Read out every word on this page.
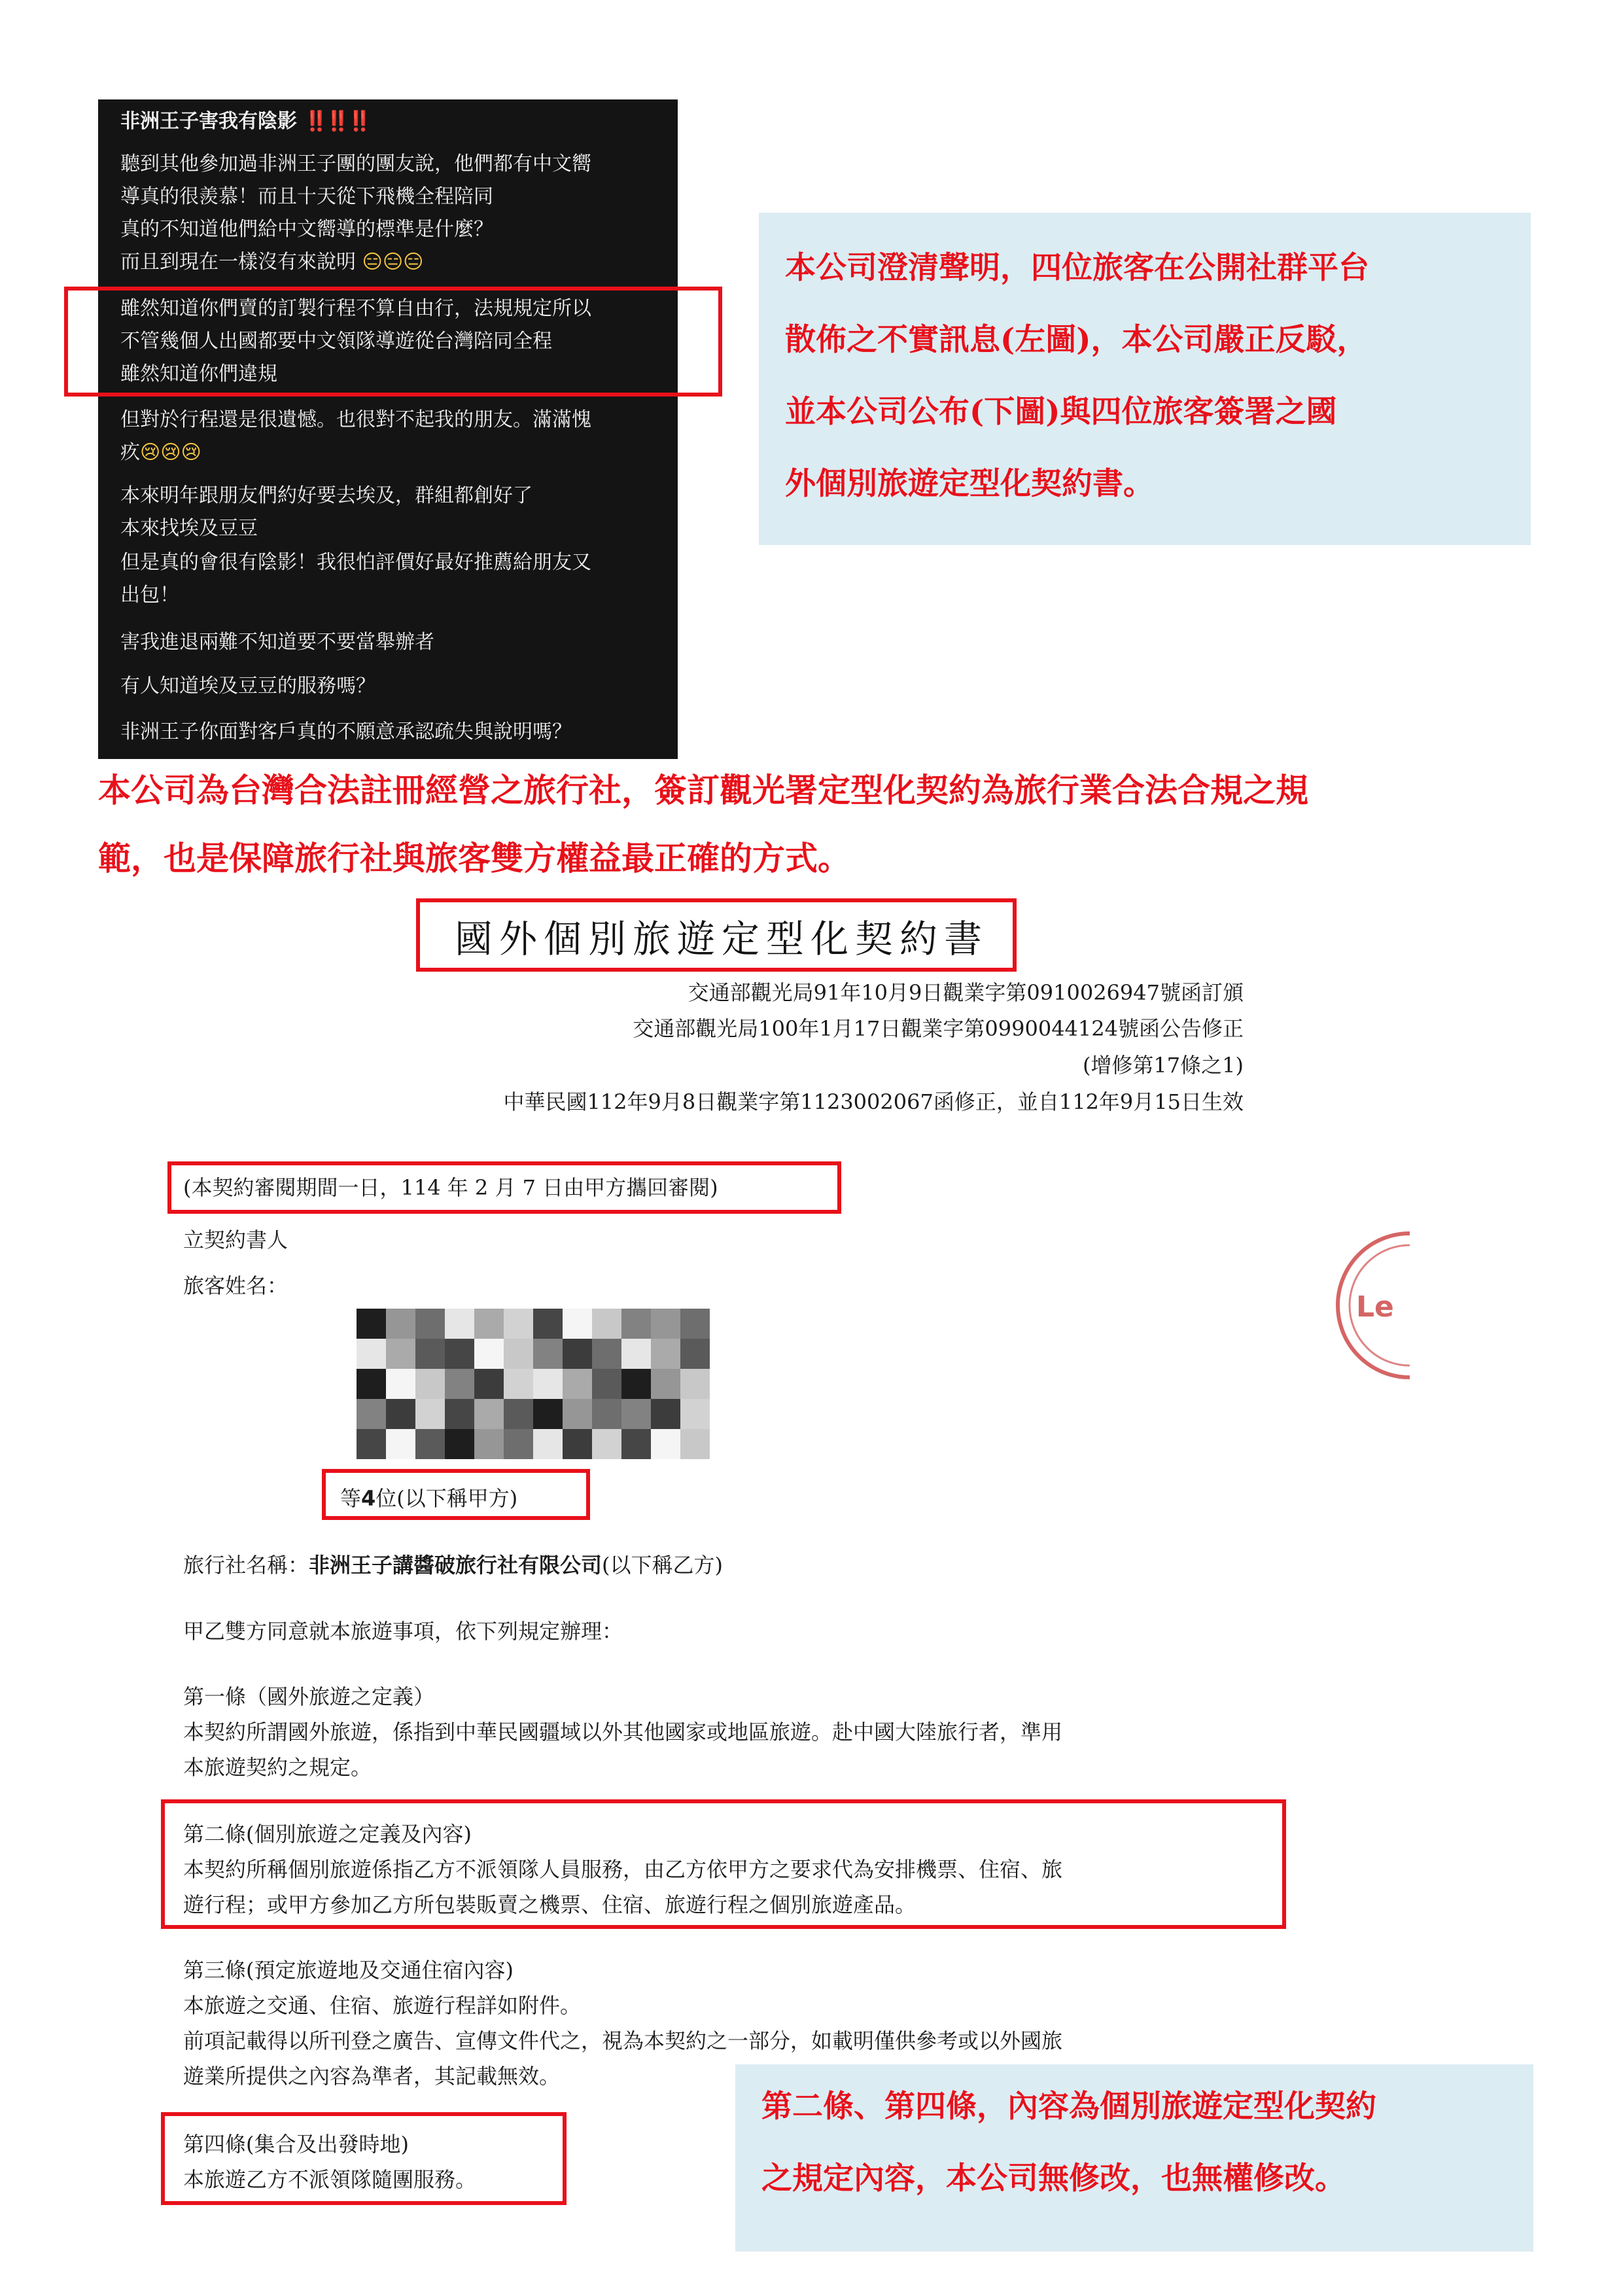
非洲王子害我有陰影 ‼️‼️‼️
聽到其他參加過非洲王子團的團友說，他們都有中文嚮
導真的很羨慕！而且十天從下飛機全程陪同
真的不知道他們給中文嚮導的標準是什麼？
而且到現在一樣沒有來說明 😑😑😑
雖然知道你們賣的訂製行程不算自由行，法規規定所以
不管幾個人出國都要中文領隊導遊從台灣陪同全程
雖然知道你們違規
但對於行程還是很遺憾。也很對不起我的朋友。滿滿愧
疚😢😢😢
本來明年跟朋友們約好要去埃及，群組都創好了
本來找埃及豆豆
但是真的會很有陰影！我很怕評價好最好推薦給朋友又
出包！
害我進退兩難不知道要不要當舉辦者
有人知道埃及豆豆的服務嗎？
非洲王子你面對客戶真的不願意承認疏失與說明嗎？

本公司澄清聲明，四位旅客在公開社群平台

散佈之不實訊息(左圖)，本公司嚴正反駁，

並本公司公布(下圖)與四位旅客簽署之國

外個別旅遊定型化契約書。

本公司為台灣合法註冊經營之旅行社，簽訂觀光署定型化契約為旅行業合法合規之規
範，也是保障旅行社與旅客雙方權益最正確的方式。
國外個別旅遊定型化契約書
交通部觀光局91年10月9日觀業字第0910026947號函訂頒
交通部觀光局100年1月17日觀業字第0990044124號函公告修正
(增修第17條之1)
中華民國112年9月8日觀業字第1123002067函修正，並自112年9月15日生效
(本契約審閱期間一日，114 年 2 月 7 日由甲方攜回審閱)
立契約書人
旅客姓名：
Le
等4位(以下稱甲方)
旅行社名稱：非洲王子講醬破旅行社有限公司(以下稱乙方)
甲乙雙方同意就本旅遊事項，依下列規定辦理：
第一條（國外旅遊之定義）
本契約所謂國外旅遊，係指到中華民國疆域以外其他國家或地區旅遊。赴中國大陸旅行者，準用
本旅遊契約之規定。
第二條(個別旅遊之定義及內容)
本契約所稱個別旅遊係指乙方不派領隊人員服務，由乙方依甲方之要求代為安排機票、住宿、旅
遊行程；或甲方參加乙方所包裝販賣之機票、住宿、旅遊行程之個別旅遊產品。
第三條(預定旅遊地及交通住宿內容)
本旅遊之交通、住宿、旅遊行程詳如附件。
前項記載得以所刊登之廣告、宣傳文件代之，視為本契約之一部分，如載明僅供參考或以外國旅
遊業所提供之內容為準者，其記載無效。
第四條(集合及出發時地)
本旅遊乙方不派領隊隨團服務。

第二條、第四條，內容為個別旅遊定型化契約

之規定內容，本公司無修改，也無權修改。
